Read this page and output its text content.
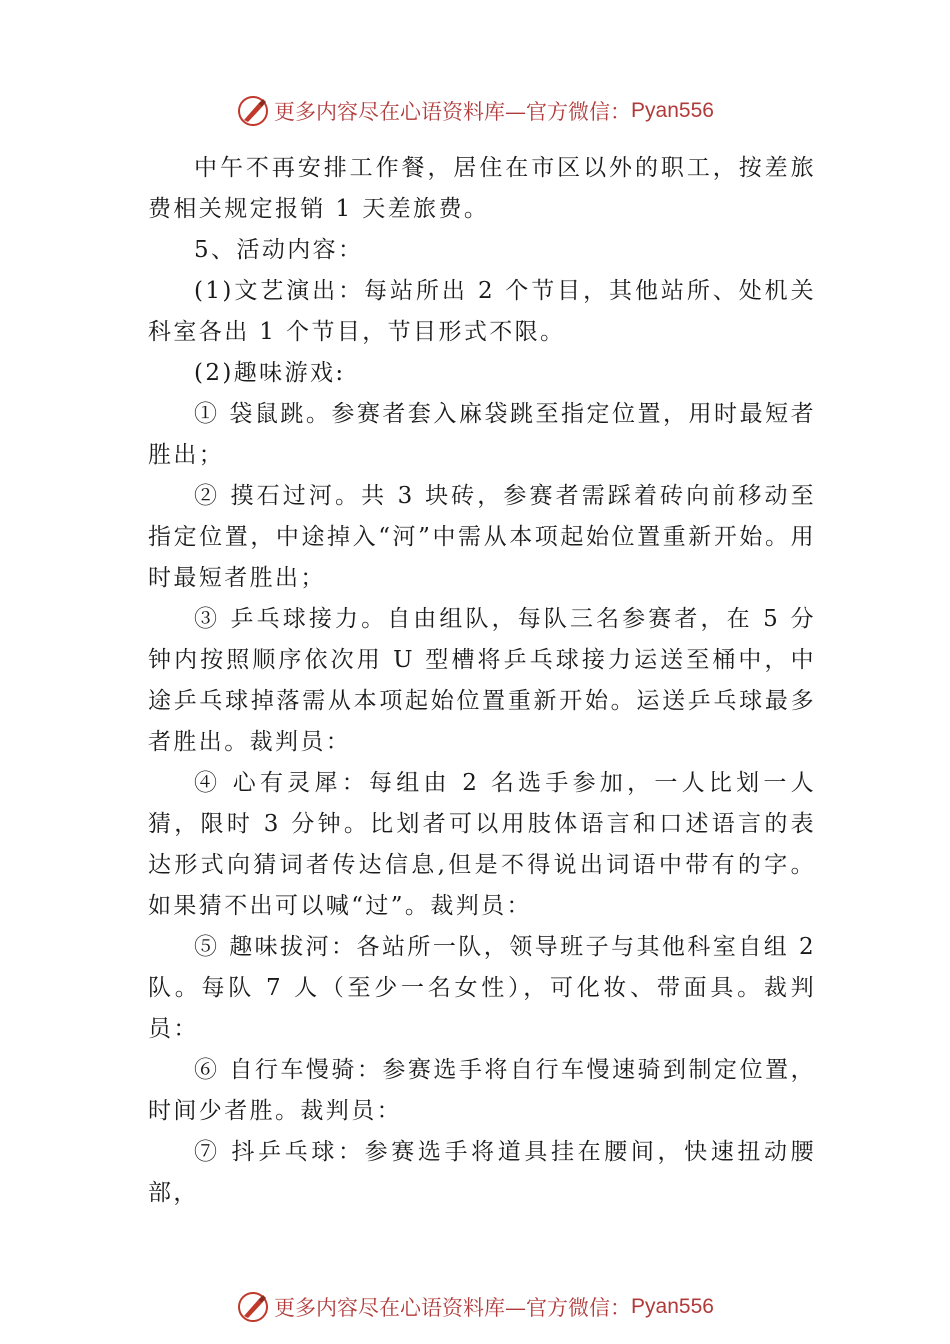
更多内容尽在心语资料库—官方微信： Pyan556

中午不再安排工作餐，居住在市区以外的职工，按差旅费相关规定报销 1 天差旅费。

5、活动内容：

(1)文艺演出：每站所出 2 个节目，其他站所、处机关科室各出 1 个节目，节目形式不限。

(2)趣味游戏:

① 袋鼠跳。参赛者套入麻袋跳至指定位置，用时最短者胜出；

② 摸石过河。共 3 块砖，参赛者需踩着砖向前移动至指定位置，中途掉入“河”中需从本项起始位置重新开始。用时最短者胜出；

③ 乒乓球接力。自由组队，每队三名参赛者，在 5 分钟内按照顺序依次用 U 型槽将乒乓球接力运送至桶中，中途乒乓球掉落需从本项起始位置重新开始。运送乒乓球最多者胜出。裁判员：

④ 心有灵犀：每组由 2 名选手参加，一人比划一人猜，限时 3 分钟。比划者可以用肢体语言和口述语言的表达形式向猜词者传达信息,但是不得说出词语中带有的字。如果猜不出可以喊“过”。裁判员：

⑤ 趣味拔河：各站所一队，领导班子与其他科室自组 2 队。每队 7 人（至少一名女性），可化妆、带面具。裁判员：

⑥ 自行车慢骑：参赛选手将自行车慢速骑到制定位置，时间少者胜。裁判员：

⑦ 抖乒乓球：参赛选手将道具挂在腰间，快速扭动腰部，

更多内容尽在心语资料库—官方微信： Pyan556
